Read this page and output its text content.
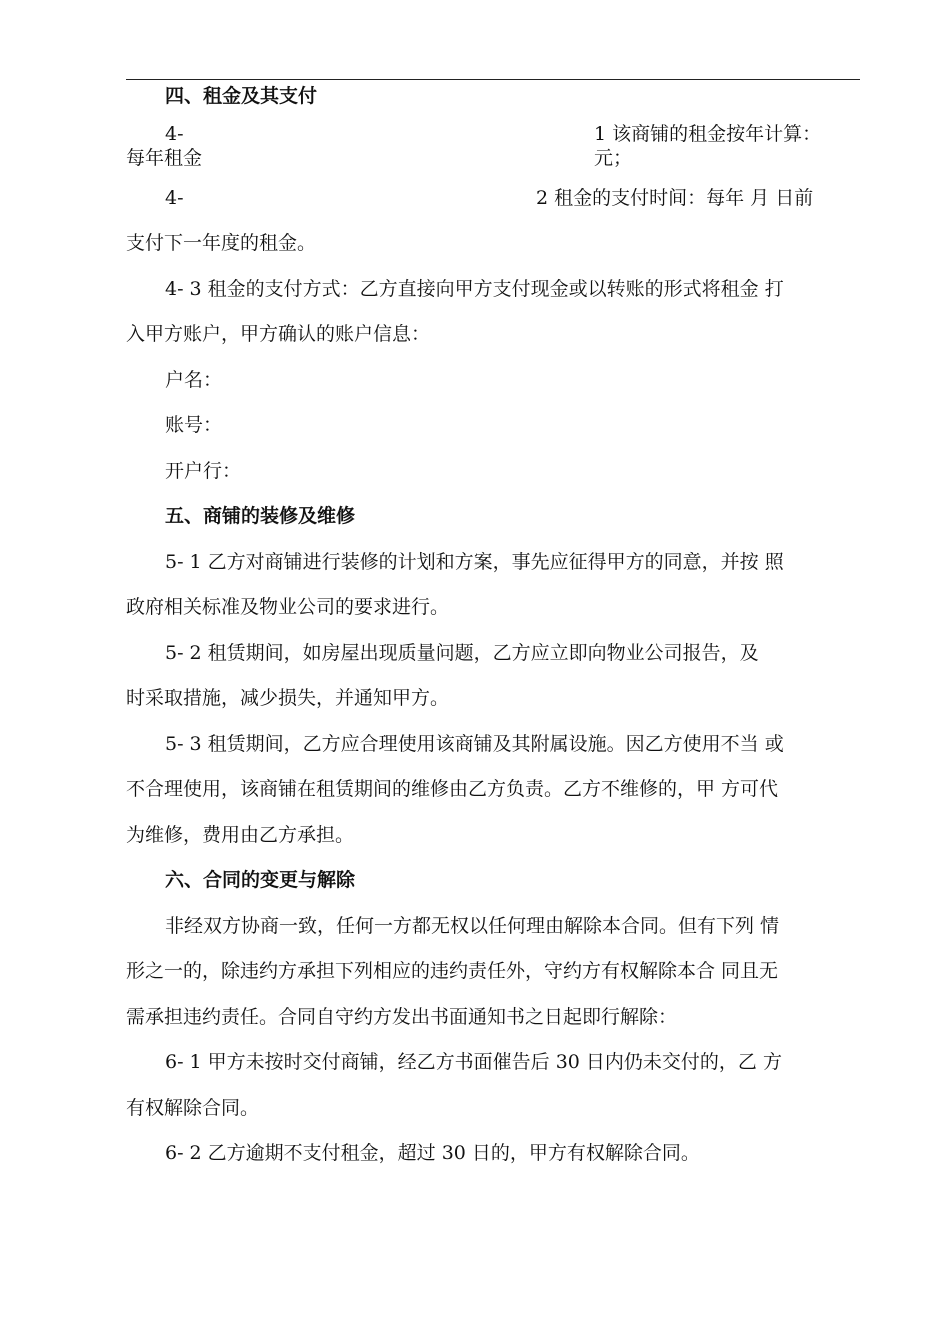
四、租金及其支付
4-	1 该商铺的租金按年计算：
每年租金	元；
4-	2 租金的支付时间：每年 月 日前
支付下一年度的租金。
4- 3 租金的支付方式：乙方直接向甲方支付现金或以转账的形式将租金 打
入甲方账户，甲方确认的账户信息：
户名：
账号：
开户行：
五、商铺的装修及维修
5- 1 乙方对商铺进行装修的计划和方案，事先应征得甲方的同意，并按 照
政府相关标准及物业公司的要求进行。
5- 2 租赁期间，如房屋出现质量问题，乙方应立即向物业公司报告，及
时采取措施，减少损失，并通知甲方。
5- 3 租赁期间，乙方应合理使用该商铺及其附属设施。因乙方使用不当 或
不合理使用，该商铺在租赁期间的维修由乙方负责。乙方不维修的，甲 方可代
为维修，费用由乙方承担。
六、合同的变更与解除
非经双方协商一致，任何一方都无权以任何理由解除本合同。但有下列 情
形之一的，除违约方承担下列相应的违约责任外，守约方有权解除本合 同且无
需承担违约责任。合同自守约方发出书面通知书之日起即行解除：
6- 1 甲方未按时交付商铺，经乙方书面催告后 30 日内仍未交付的，乙 方
有权解除合同。
6- 2 乙方逾期不支付租金，超过 30 日的，甲方有权解除合同。
